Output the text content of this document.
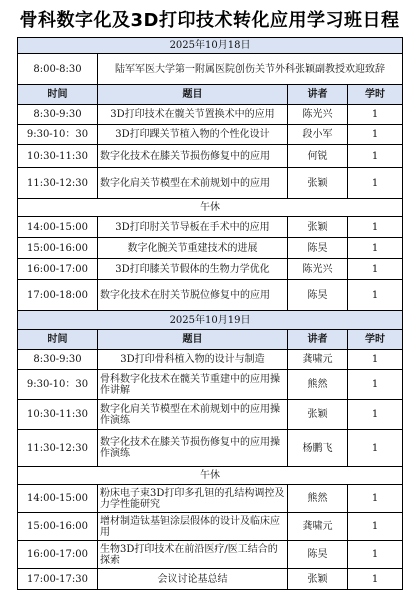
骨科数字化及3D打印技术转化应用学习班日程
2025年10月18日			
8:00-8:30	陆军军医大学第一附属医院创伤关节外科张颖副教授欢迎致辞		
时间	题目	讲者	学时
8:30-9:30	3D打印技术在髋关节置换术中的应用	陈光兴	1
9:30-10：30	3D打印踝关节植入物的个性化设计	段小军	1
10:30-11:30	数字化技术在膝关节损伤修复中的应用	何锐	1
11:30-12:30	数字化肩关节模型在术前规划中的应用	张颖	1
午休			
14:00-15:00	3D打印肘关节导板在手术中的应用	张颖	1
15:00-16:00	数字化腕关节重建技术的进展	陈昊	1
16:00-17:00	3D打印膝关节假体的生物力学优化	陈光兴	1
17:00-18:00	数字化技术在肘关节脱位修复中的应用	陈昊	1
2025年10月19日			
时间	题目	讲者	学时
8:30-9:30	3D打印骨科植入物的设计与制造	龚啸元	1
9:30-10：30	骨科数字化技术在髋关节重建中的应用操作讲解	熊然	1
10:30-11:30	数字化肩关节模型在术前规划中的应用操作演练	张颖	1
11:30-12:30	数字化技术在膝关节损伤修复中的应用操作演练	杨鹏飞	1
午休			
14:00-15:00	粉床电子束3D打印多孔钽的孔结构调控及力学性能研究	熊然	1
15:00-16:00	增材制造钛基钽涂层假体的设计及临床应用	龚啸元	1
16:00-17:00	生物3D打印技术在前沿医疗/医工结合的探索	陈昊	1
17:00-17:30	会议讨论基总结	张颖	1
